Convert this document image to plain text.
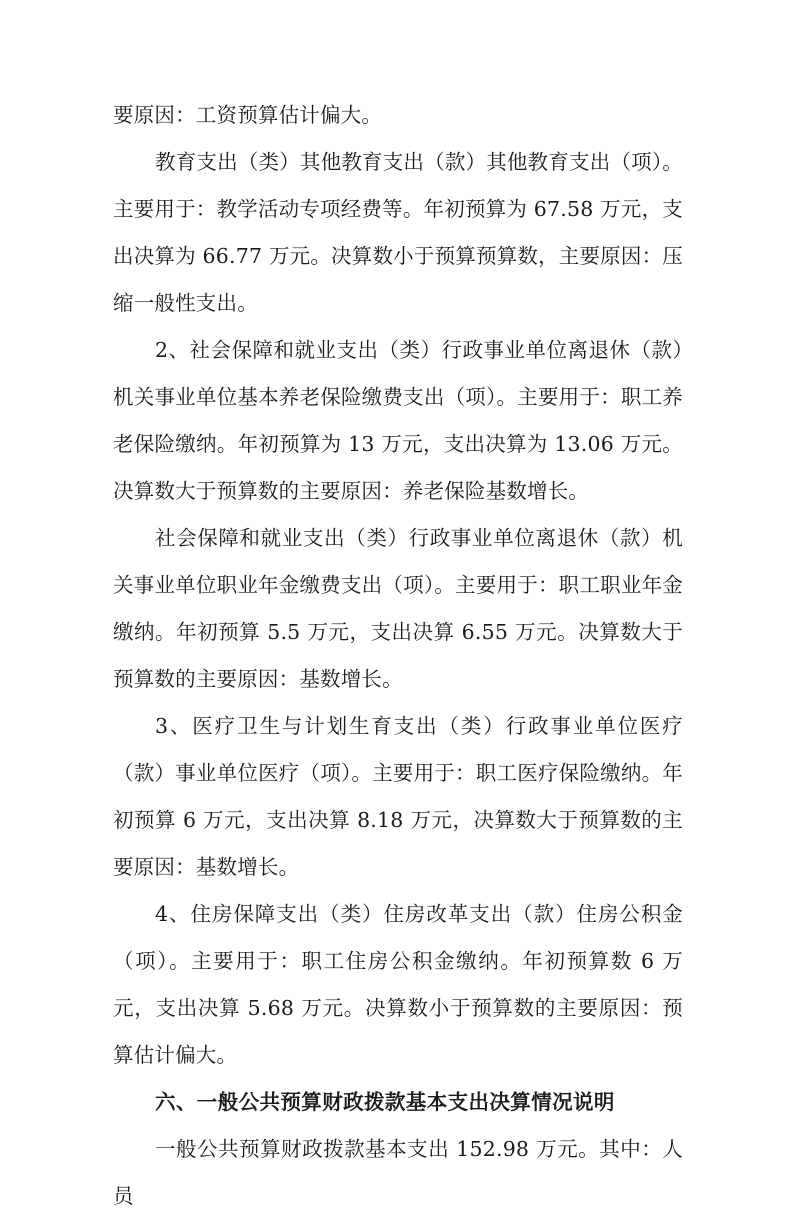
要原因：工资预算估计偏大。

教育支出（类）其他教育支出（款）其他教育支出（项）。主要用于：教学活动专项经费等。年初预算为 67.58 万元，支出决算为 66.77 万元。决算数小于预算预算数，主要原因：压缩一般性支出。

2、社会保障和就业支出（类）行政事业单位离退休（款）机关事业单位基本养老保险缴费支出（项）。主要用于：职工养老保险缴纳。年初预算为 13 万元，支出决算为 13.06 万元。决算数大于预算数的主要原因：养老保险基数增长。

社会保障和就业支出（类）行政事业单位离退休（款）机关事业单位职业年金缴费支出（项）。主要用于：职工职业年金缴纳。年初预算 5.5 万元，支出决算 6.55 万元。决算数大于预算数的主要原因：基数增长。

3、医疗卫生与计划生育支出（类）行政事业单位医疗（款）事业单位医疗（项）。主要用于：职工医疗保险缴纳。年初预算 6 万元，支出决算 8.18 万元，决算数大于预算数的主要原因：基数增长。

4、住房保障支出（类）住房改革支出（款）住房公积金（项）。主要用于：职工住房公积金缴纳。年初预算数 6 万元，支出决算 5.68 万元。决算数小于预算数的主要原因：预算估计偏大。

六、一般公共预算财政拨款基本支出决算情况说明

一般公共预算财政拨款基本支出 152.98 万元。其中：人员
